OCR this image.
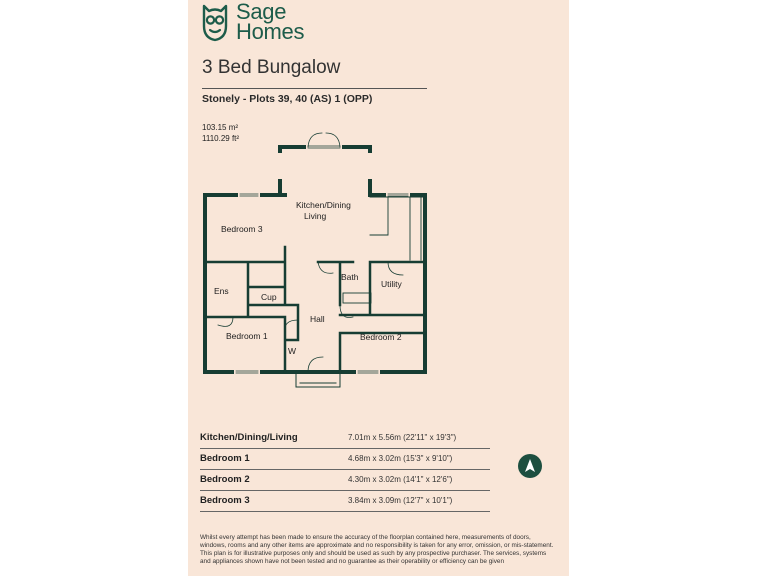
Sage
Homes
3 Bed Bungalow
Stonely - Plots 39, 40 (AS) 1 (OPP)
103.15 m²
1110.29 ft²
Kitchen/Dining
Living
Bedroom 3
Bath
Utility
Ens
Cup
Hall
Bedroom 1	Bedroom 2
W
Kitchen/Dining/Living	7.01m x 5.56m (22'11" x 19'3")
Bedroom 1	4.68m x 3.02m (15'3" x 9'10")
Bedroom 2	4.30m x 3.02m (14'1" x 12'6")
Bedroom 3	3.84m x 3.09m (12'7" x 10'1")
Whilst every attempt has been made to ensure the accuracy of the floorplan contained here, measurements of doors, windows, rooms and any other items are approximate and no responsibility is taken for any error, omission, or mis-statement. This plan is for illustrative purposes only and should be used as such by any prospective purchaser. The services, systems and appliances shown have not been tested and no guarantee as their operability or efficiency can be given
